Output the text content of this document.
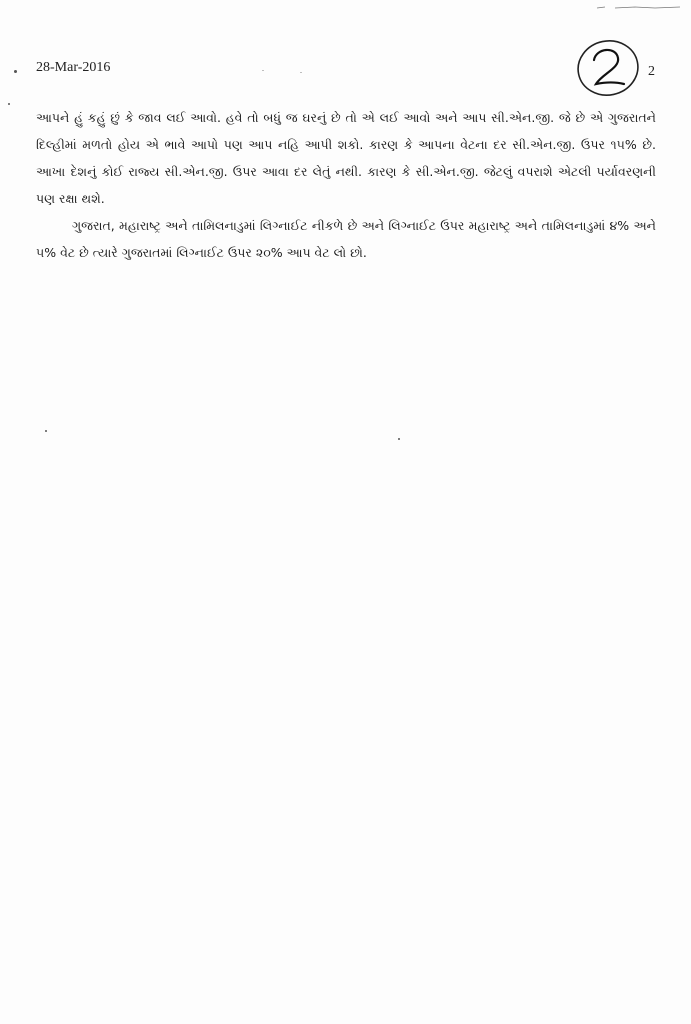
28-Mar-2016	2

આપને હું કહું છું કે જાવ લઈ આવો. હવે તો બધું જ ઘરનું છે તો એ લઈ આવો અને આપ સી.એન.જી. જે છે એ ગુજરાતને દિલ્હીમાં મળતો હોય એ ભાવે આપો પણ આપ નહિ આપી શકો. કારણ કે આપના વેટના દર સી.એન.જી. ઉપર ૧૫% છે. આખા દેશનું કોઈ રાજ્ય સી.એન.જી. ઉપર આવા દર લેતું નથી. કારણ કે સી.એન.જી. જેટલું વપરાશે એટલી પર્યાવરણની પણ રક્ષા થશે.

ગુજરાત, મહારાષ્ટ્ર અને તામિલનાડુમાં લિગ્નાઈટ નીકળે છે અને લિગ્નાઈટ ઉપર મહારાષ્ટ્ર અને તામિલનાડુમાં ૪% અને ૫% વેટ છે ત્યારે ગુજરાતમાં લિગ્નાઈટ ઉપર ૨૦% આપ વેટ લો છો.
